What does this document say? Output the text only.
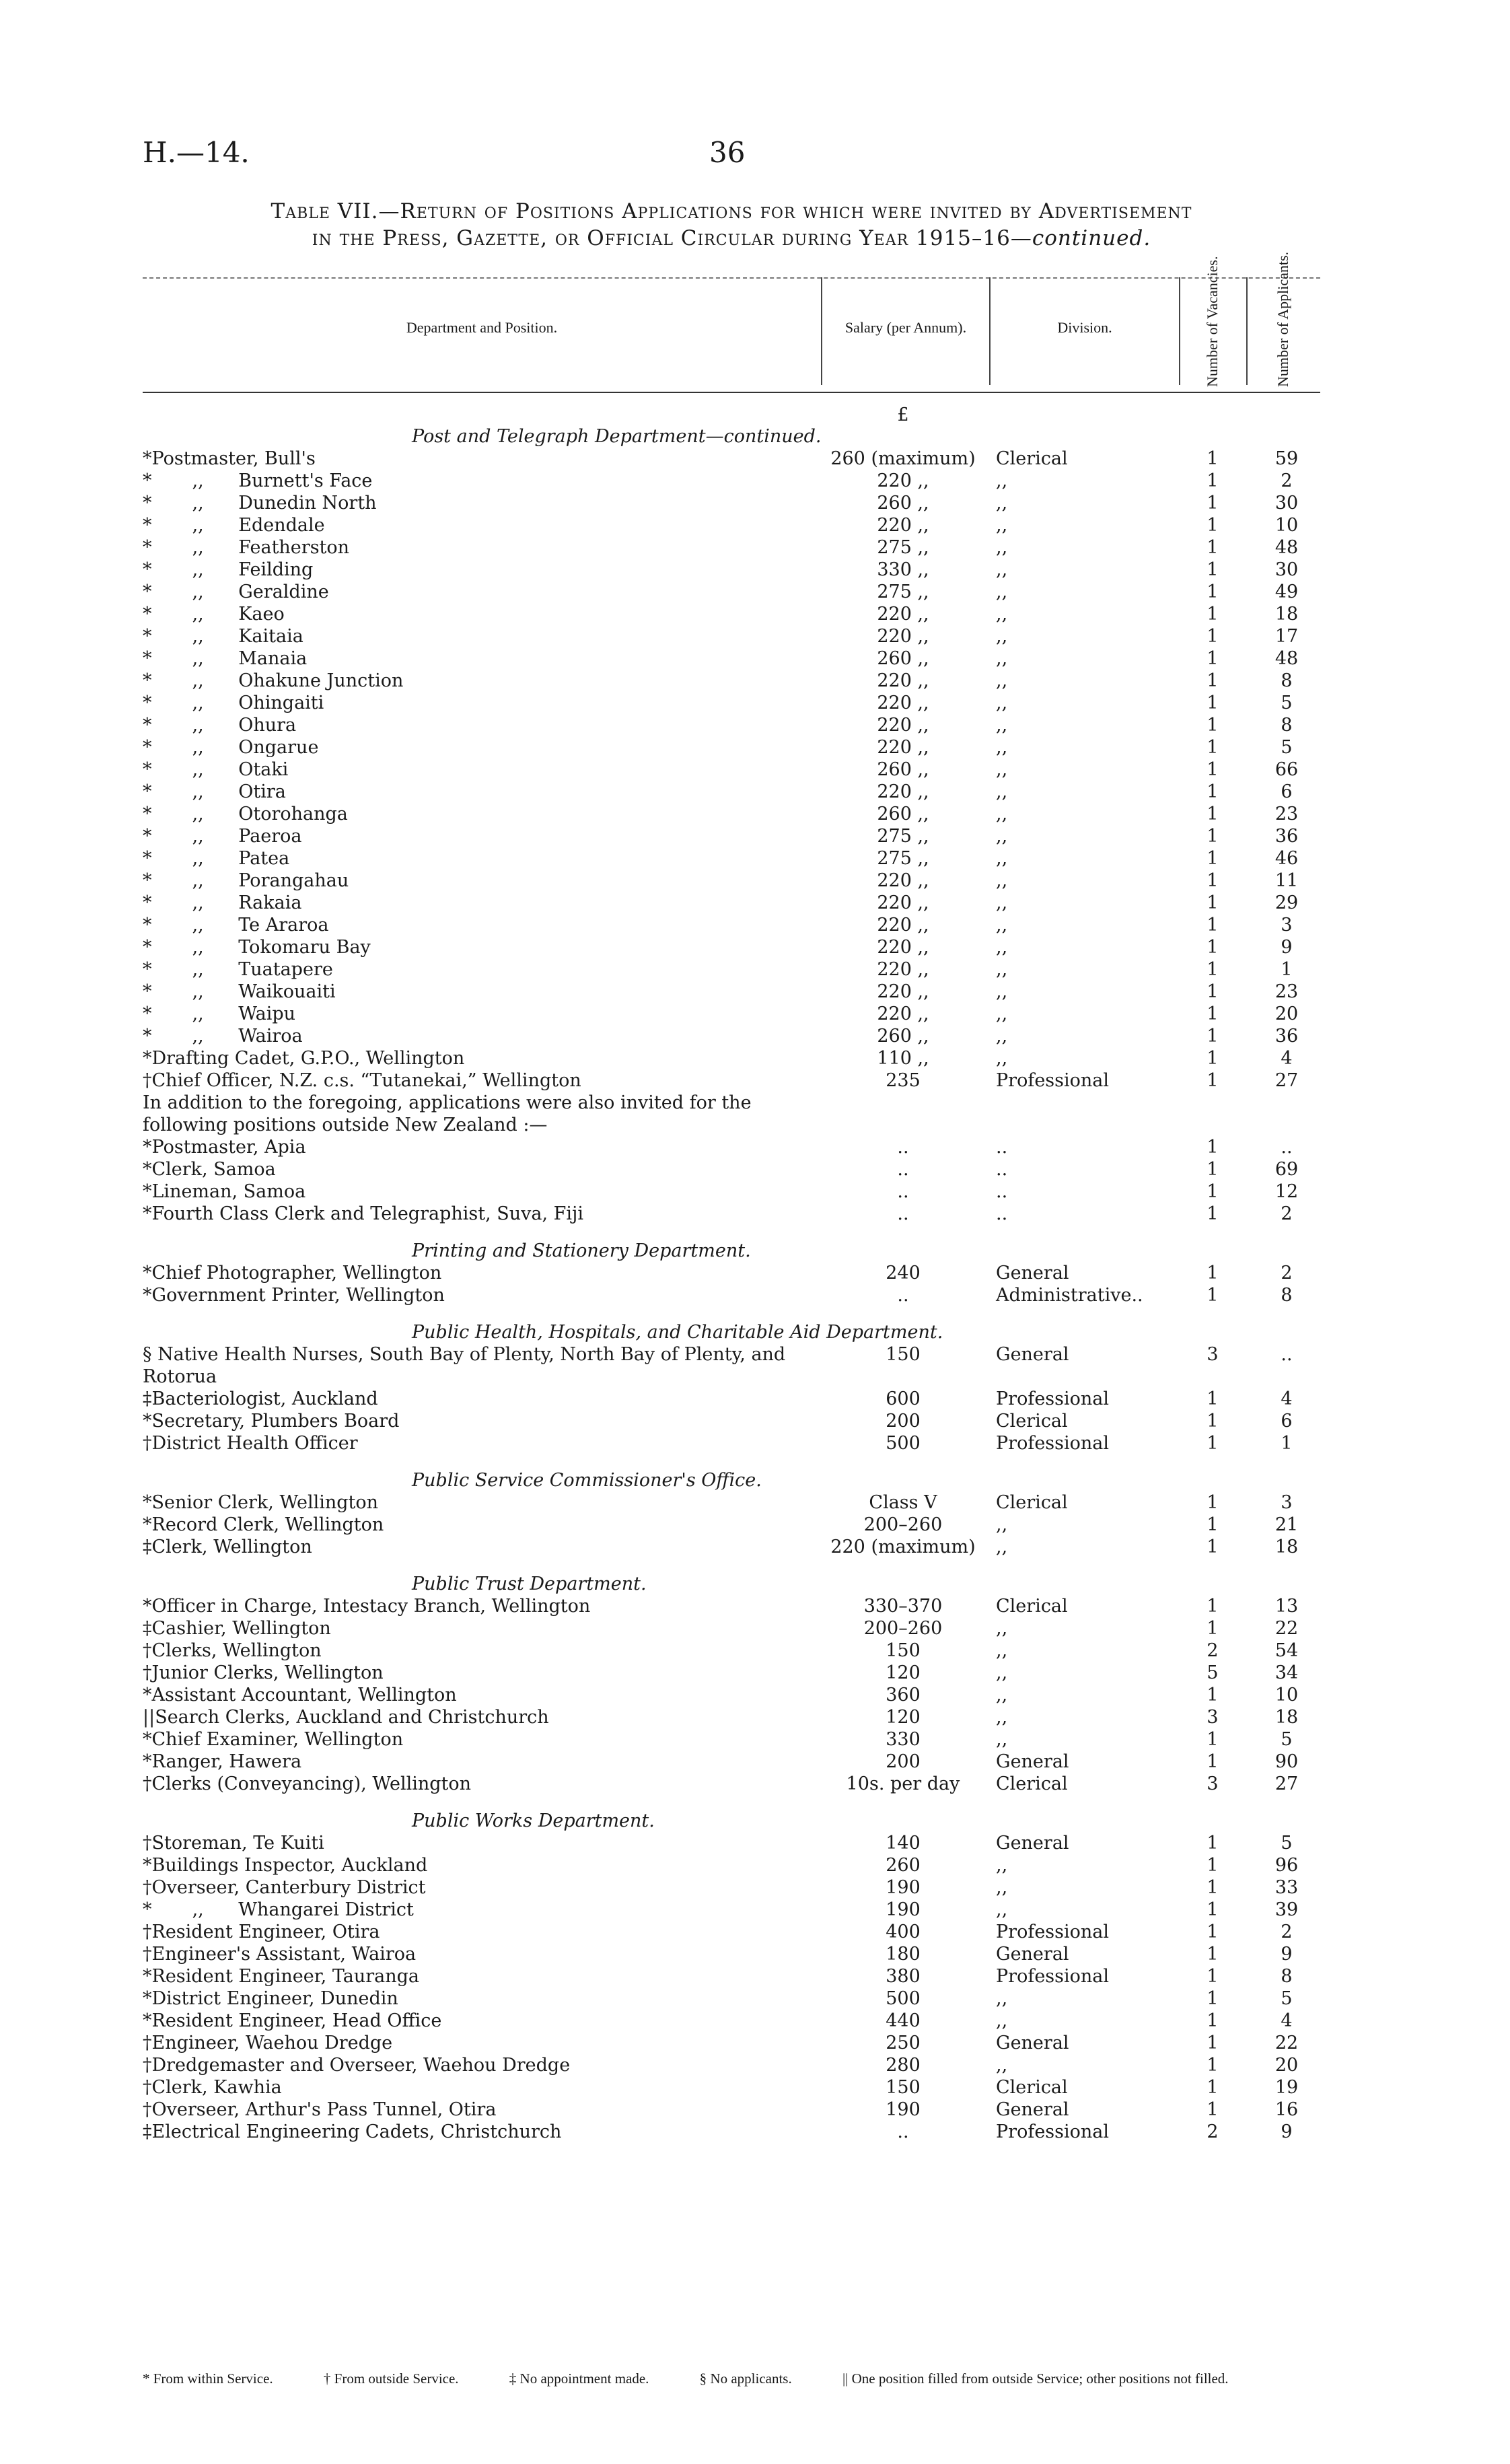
H.—14.	36
Table VII.—Return of Positions Applications for which were invited by Advertisement
in the Press, Gazette, or Official Circular during Year 1915–16—continued.
Department and Position.	Salary (per Annum).	Division.	Number of Vacancies.	Number of Applicants.
£
Post and Telegraph Department—continued.
*Postmaster, Bull's . .	260 (maximum)	Clerical	1	59
*       ,,      Burnett's Face . .	220 ,,	,,	1	2
*       ,,      Dunedin North . .	260 ,,	,,	1	30
*       ,,      Edendale . .	220 ,,	,,	1	10
*       ,,      Featherston . .	275 ,,	,,	1	48
*       ,,      Feilding . .	330 ,,	,,	1	30
*       ,,      Geraldine . .	275 ,,	,,	1	49
*       ,,      Kaeo . .	220 ,,	,,	1	18
*       ,,      Kaitaia . .	220 ,,	,,	1	17
*       ,,      Manaia . .	260 ,,	,,	1	48
*       ,,      Ohakune Junction . .	220 ,,	,,	1	8
*       ,,      Ohingaiti . .	220 ,,	,,	1	5
*       ,,      Ohura . .	220 ,,	,,	1	8
*       ,,      Ongarue . .	220 ,,	,,	1	5
*       ,,      Otaki . .	260 ,,	,,	1	66
*       ,,      Otira . .	220 ,,	,,	1	6
*       ,,      Otorohanga . .	260 ,,	,,	1	23
*       ,,      Paeroa . .	275 ,,	,,	1	36
*       ,,      Patea . .	275 ,,	,,	1	46
*       ,,      Porangahau . .	220 ,,	,,	1	11
*       ,,      Rakaia . .	220 ,,	,,	1	29
*       ,,      Te Araroa . .	220 ,,	,,	1	3
*       ,,      Tokomaru Bay . .	220 ,,	,,	1	9
*       ,,      Tuatapere . .	220 ,,	,,	1	1
*       ,,      Waikouaiti . .	220 ,,	,,	1	23
*       ,,      Waipu . .	220 ,,	,,	1	20
*       ,,      Wairoa . .	260 ,,	,,	1	36
*Drafting Cadet, G.P.O., Wellington . .	110 ,,	,,	1	4
†Chief Officer, N.Z. c.s. “Tutanekai,” Wellington . .	235	Professional	1	27
In addition to the foregoing, applications were also invited for the following positions outside New Zealand :—
*Postmaster, Apia . .	..	..	1	..
*Clerk, Samoa . .	..	..	1	69
*Lineman, Samoa . .	..	..	1	12
*Fourth Class Clerk and Telegraphist, Suva, Fiji . .	..	..	1	2
Printing and Stationery Department.
*Chief Photographer, Wellington . .	240	General	1	2
*Government Printer, Wellington . .	..	Administrative..	1	8
Public Health, Hospitals, and Charitable Aid Department.
§ Native Health Nurses, South Bay of Plenty, North Bay of Plenty, and Rotorua
150	General	3	..
‡Bacteriologist, Auckland . .	600	Professional	1	4
*Secretary, Plumbers Board . .	200	Clerical	1	6
†District Health Officer . .	500	Professional	1	1
Public Service Commissioner's Office.
*Senior Clerk, Wellington . .	Class V	Clerical	1	3
*Record Clerk, Wellington . .	200–260	,,	1	21
‡Clerk, Wellington . .	220 (maximum)	,,	1	18
Public Trust Department.
*Officer in Charge, Intestacy Branch, Wellington . .	330–370	Clerical	1	13
‡Cashier, Wellington . .	200–260	,,	1	22
†Clerks, Wellington . .	150	,,	2	54
†Junior Clerks, Wellington . .	120	,,	5	34
*Assistant Accountant, Wellington . .	360	,,	1	10
||Search Clerks, Auckland and Christchurch . .	120	,,	3	18
*Chief Examiner, Wellington . .	330	,,	1	5
*Ranger, Hawera . .	200	General	1	90
†Clerks (Conveyancing), Wellington . .	10s. per day	Clerical	3	27
Public Works Department.
†Storeman, Te Kuiti . .	140	General	1	5
*Buildings Inspector, Auckland . .	260	,,	1	96
†Overseer, Canterbury District . .	190	,,	1	33
*       ,,      Whangarei District . .	190	,,	1	39
†Resident Engineer, Otira . .	400	Professional	1	2
†Engineer's Assistant, Wairoa . .	180	General	1	9
*Resident Engineer, Tauranga . .	380	Professional	1	8
*District Engineer, Dunedin . .	500	,,	1	5
*Resident Engineer, Head Office . .	440	,,	1	4
†Engineer, Waehou Dredge . .	250	General	1	22
†Dredgemaster and Overseer, Waehou Dredge . .	280	,,	1	20
†Clerk, Kawhia . .	150	Clerical	1	19
†Overseer, Arthur's Pass Tunnel, Otira . .	190	General	1	16
‡Electrical Engineering Cadets, Christchurch . .	..	Professional	2	9
* From within Service.	† From outside Service.	‡ No appointment made.	§ No applicants.	|| One position filled from outside Service; other positions not filled.
